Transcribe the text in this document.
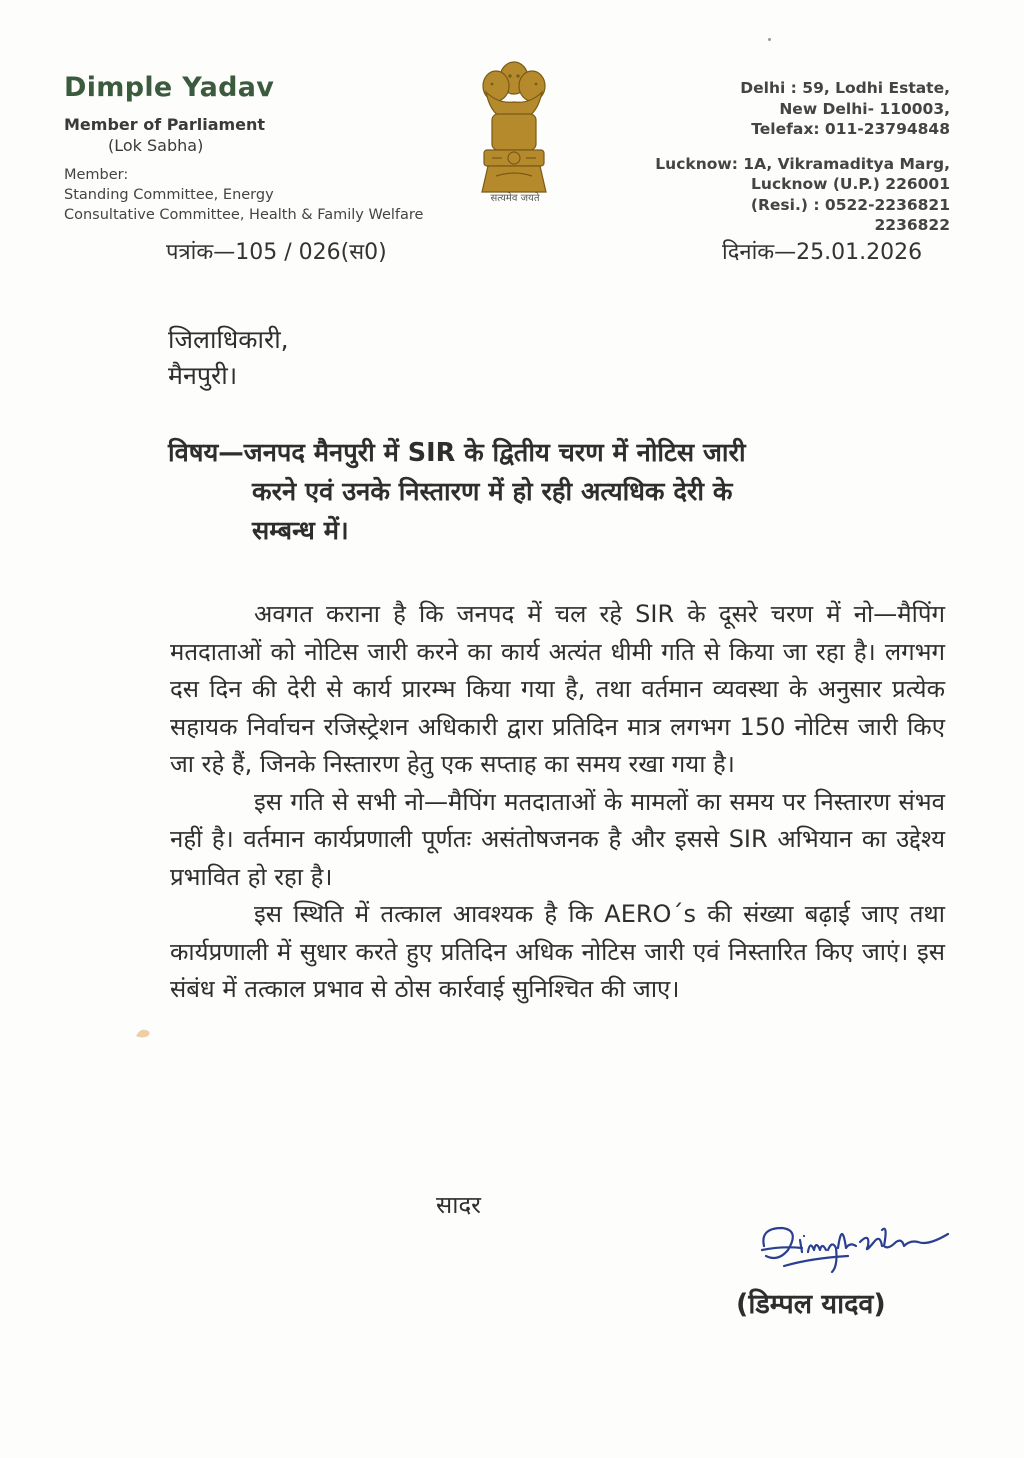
Dimple Yadav
Member of Parliament
(Lok Sabha)
Member:
Standing Committee, Energy
Consultative Committee, Health & Family Welfare
सत्यमेव जयते
Delhi : 59, Lodhi Estate,
New Delhi- 110003,
Telefax: 011-23794848
Lucknow: 1A, Vikramaditya Marg,
Lucknow (U.P.) 226001
(Resi.) : 0522-2236821
2236822
पत्रांक—105 / 026(स0)	दिनांक—25.01.2026
जिलाधिकारी,
मैनपुरी।
विषय—जनपद मैनपुरी में SIR के द्वितीय चरण में नोटिस जारी
करने एवं उनके निस्तारण में हो रही अत्यधिक देरी के
सम्बन्ध में।

अवगत कराना है कि जनपद में चल रहे SIR के दूसरे चरण में नो—मैपिंग मतदाताओं को नोटिस जारी करने का कार्य अत्यंत धीमी गति से किया जा रहा है। लगभग दस दिन की देरी से कार्य प्रारम्भ किया गया है, तथा वर्तमान व्यवस्था के अनुसार प्रत्येक सहायक निर्वाचन रजिस्ट्रेशन अधिकारी द्वारा प्रतिदिन मात्र लगभग 150 नोटिस जारी किए जा रहे हैं, जिनके निस्तारण हेतु एक सप्ताह का समय रखा गया है।

इस गति से सभी नो—मैपिंग मतदाताओं के मामलों का समय पर निस्तारण संभव नहीं है। वर्तमान कार्यप्रणाली पूर्णतः असंतोषजनक है और इससे SIR अभियान का उद्देश्य प्रभावित हो रहा है।

इस स्थिति में तत्काल आवश्यक है कि AERO´s की संख्या बढ़ाई जाए तथा कार्यप्रणाली में सुधार करते हुए प्रतिदिन अधिक नोटिस जारी एवं निस्तारित किए जाएं। इस संबंध में तत्काल प्रभाव से ठोस कार्रवाई सुनिश्चित की जाए।

सादर
(डिम्पल यादव)
